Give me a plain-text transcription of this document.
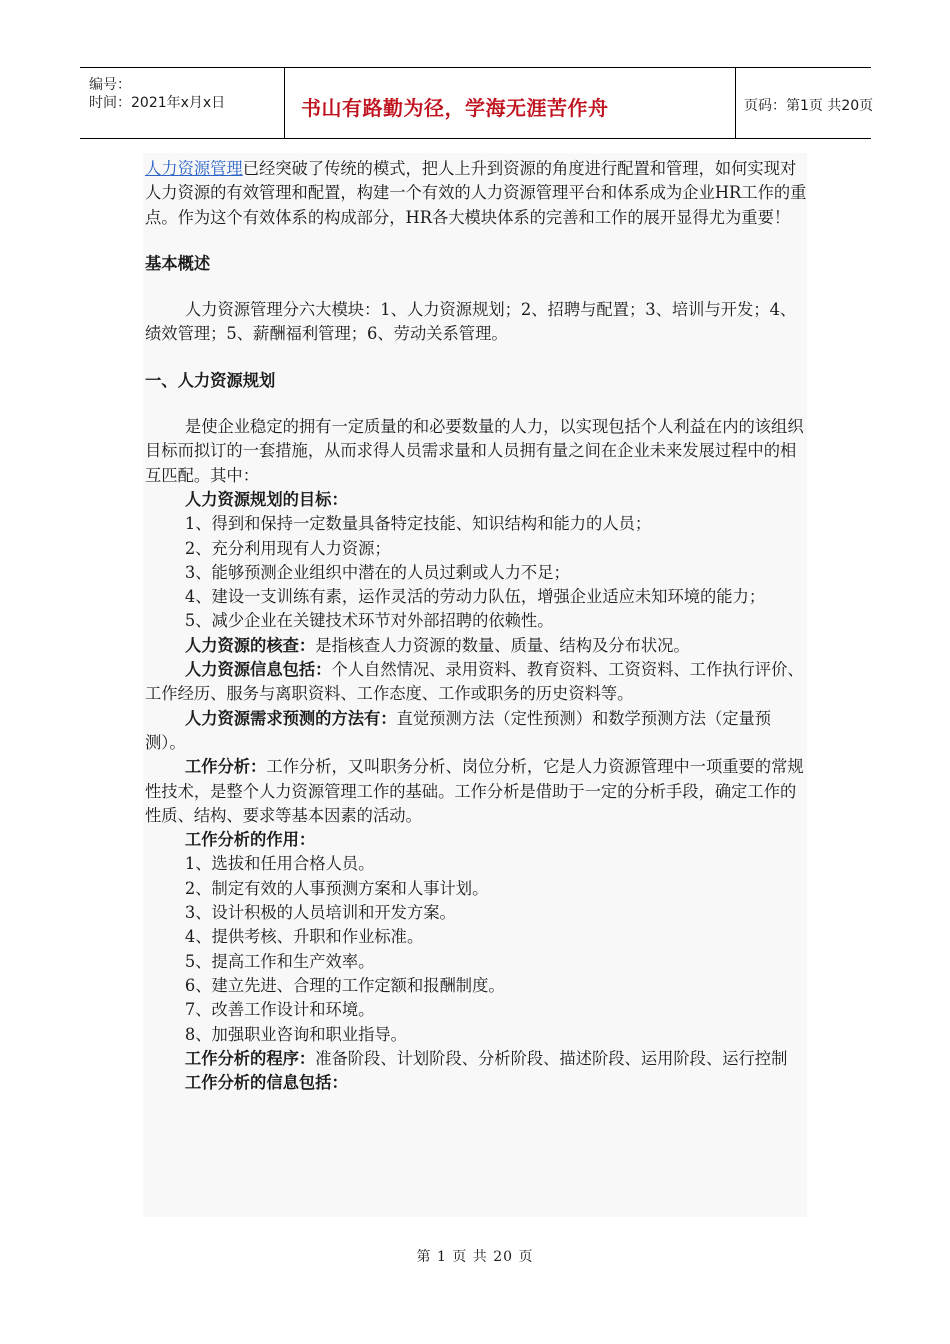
编号：
时间：2021年x月x日	书山有路勤为径，学海无涯苦作舟	页码：第1页 共20页

人力资源管理已经突破了传统的模式，把人上升到资源的角度进行配置和管理，如何实现对人力资源的有效管理和配置，构建一个有效的人力资源管理平台和体系成为企业HR工作的重点。作为这个有效体系的构成部分，HR各大模块体系的完善和工作的展开显得尤为重要！

基本概述

人力资源管理分六大模块：1、人力资源规划；2、招聘与配置；3、培训与开发；4、绩效管理；5、薪酬福利管理；6、劳动关系管理。

一、人力资源规划

是使企业稳定的拥有一定质量的和必要数量的人力，以实现包括个人利益在内的该组织目标而拟订的一套措施，从而求得人员需求量和人员拥有量之间在企业未来发展过程中的相互匹配。其中：

人力资源规划的目标：

1、得到和保持一定数量具备特定技能、知识结构和能力的人员；

2、充分利用现有人力资源；

3、能够预测企业组织中潜在的人员过剩或人力不足；

4、建设一支训练有素，运作灵活的劳动力队伍，增强企业适应未知环境的能力；

5、减少企业在关键技术环节对外部招聘的依赖性。

人力资源的核查：是指核查人力资源的数量、质量、结构及分布状况。

人力资源信息包括：个人自然情况、录用资料、教育资料、工资资料、工作执行评价、工作经历、服务与离职资料、工作态度、工作或职务的历史资料等。

人力资源需求预测的方法有：直觉预测方法（定性预测）和数学预测方法（定量预测）。

工作分析：工作分析，又叫职务分析、岗位分析，它是人力资源管理中一项重要的常规性技术，是整个人力资源管理工作的基础。工作分析是借助于一定的分析手段，确定工作的性质、结构、要求等基本因素的活动。

工作分析的作用：

1、选拔和任用合格人员。

2、制定有效的人事预测方案和人事计划。

3、设计积极的人员培训和开发方案。

4、提供考核、升职和作业标准。

5、提高工作和生产效率。

6、建立先进、合理的工作定额和报酬制度。

7、改善工作设计和环境。

8、加强职业咨询和职业指导。

工作分析的程序：准备阶段、计划阶段、分析阶段、描述阶段、运用阶段、运行控制

工作分析的信息包括：

第 1 页 共 20 页
